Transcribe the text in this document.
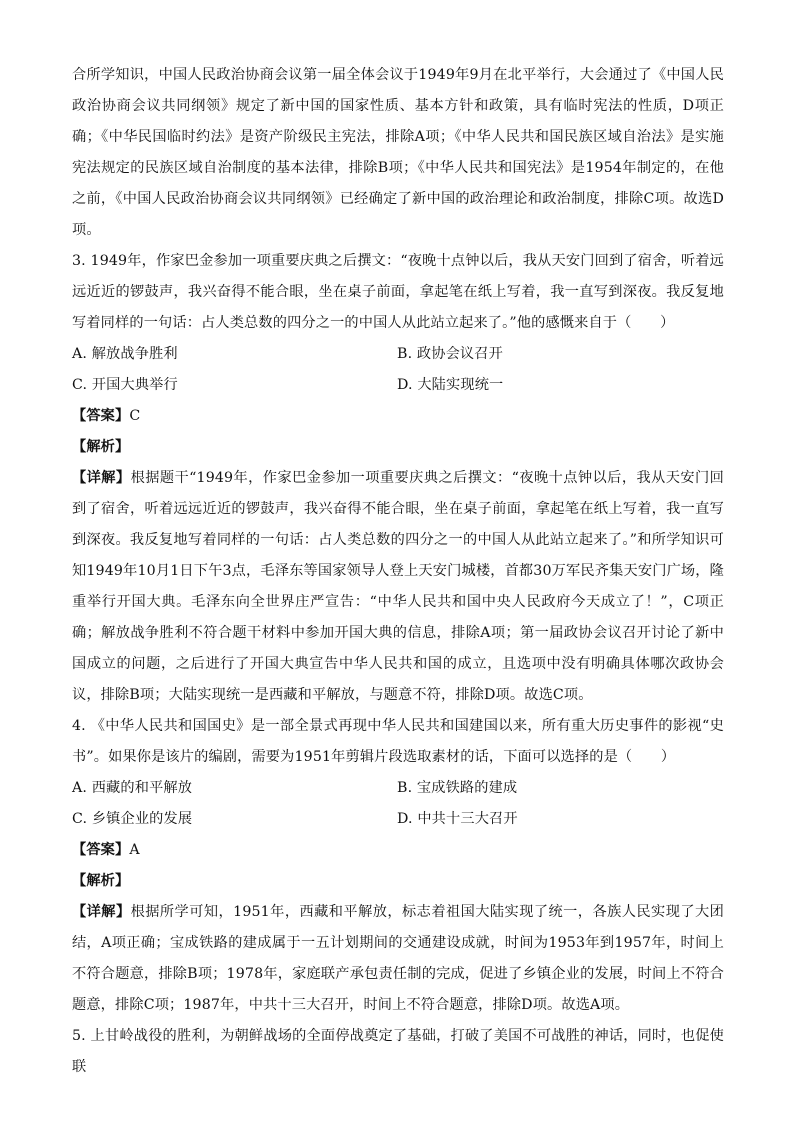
合所学知识，中国人民政治协商会议第一届全体会议于1949年9月在北平举行，大会通过了《中国人民政治协商会议共同纲领》规定了新中国的国家性质、基本方针和政策，具有临时宪法的性质，D项正确；《中华民国临时约法》是资产阶级民主宪法，排除A项；《中华人民共和国民族区域自治法》是实施宪法规定的民族区域自治制度的基本法律，排除B项；《中华人民共和国宪法》是1954年制定的，在他之前，《中国人民政治协商会议共同纲领》已经确定了新中国的政治理论和政治制度，排除C项。故选D项。

3. 1949年，作家巴金参加一项重要庆典之后撰文：“夜晚十点钟以后，我从天安门回到了宿舍，听着远远近近的锣鼓声，我兴奋得不能合眼，坐在桌子前面，拿起笔在纸上写着，我一直写到深夜。我反复地写着同样的一句话：占人类总数的四分之一的中国人从此站立起来了。”他的感慨来自于（　　）

A. 解放战争胜利	B. 政协会议召开

C. 开国大典举行	D. 大陆实现统一

【答案】C

【解析】

【详解】根据题干“1949年，作家巴金参加一项重要庆典之后撰文：“夜晚十点钟以后，我从天安门回到了宿舍，听着远远近近的锣鼓声，我兴奋得不能合眼，坐在桌子前面，拿起笔在纸上写着，我一直写到深夜。我反复地写着同样的一句话：占人类总数的四分之一的中国人从此站立起来了。”和所学知识可知1949年10月1日下午3点，毛泽东等国家领导人登上天安门城楼，首都30万军民齐集天安门广场，隆重举行开国大典。毛泽东向全世界庄严宣告：“中华人民共和国中央人民政府今天成立了！”，C项正确；解放战争胜利不符合题干材料中参加开国大典的信息，排除A项；第一届政协会议召开讨论了新中国成立的问题，之后进行了开国大典宣告中华人民共和国的成立，且选项中没有明确具体哪次政协会议，排除B项；大陆实现统一是西藏和平解放，与题意不符，排除D项。故选C项。

4. 《中华人民共和国国史》是一部全景式再现中华人民共和国建国以来，所有重大历史事件的影视“史书”。如果你是该片的编剧，需要为1951年剪辑片段选取素材的话，下面可以选择的是（　　）

A. 西藏的和平解放	B. 宝成铁路的建成

C. 乡镇企业的发展	D. 中共十三大召开

【答案】A

【解析】

【详解】根据所学可知，1951年，西藏和平解放，标志着祖国大陆实现了统一，各族人民实现了大团结，A项正确；宝成铁路的建成属于一五计划期间的交通建设成就，时间为1953年到1957年，时间上不符合题意，排除B项；1978年，家庭联产承包责任制的完成，促进了乡镇企业的发展，时间上不符合题意，排除C项；1987年，中共十三大召开，时间上不符合题意，排除D项。故选A项。

5. 上甘岭战役的胜利，为朝鲜战场的全面停战奠定了基础，打破了美国不可战胜的神话，同时，也促使联
